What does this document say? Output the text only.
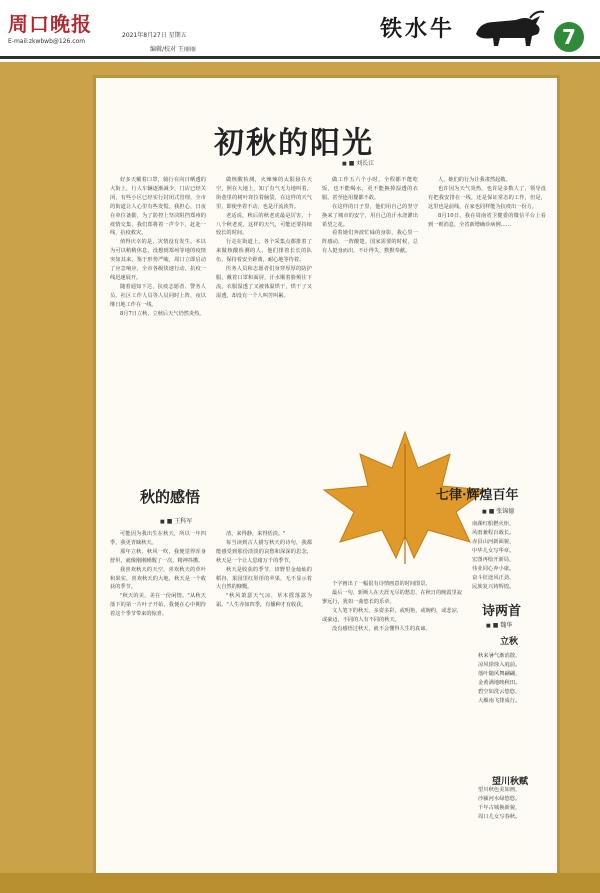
周口晚报
E-mail:zkwbwb@126.com
2021年8月27日 星期五
编辑/校对 王丽丽
铁水牛	7
初秋的阳光
■ ■ 刘长江

好多天戴着口罩，骑行在向日晒透的大街上，行人车辆逐渐减少，门店已经关闭，有些小区已经实行封闭式管理，全市的街道让人心里有些发慌。我担心，日夜在单位备勤，为了防控上坚决阻挡郑州的疫情交集，我们郑将着一声令下，赶赴一线，抗疫救灾。

值得庆幸的是，灾情没有发生。本以为可以稍稍休息，没想到郑州等地的疫情突如其来，鉴于形势严峻，周口立即启动了应急响应，全市各级快速行动，抗疫一线迅速展开。

随着通知下达，抗疫志愿者、警务人员、社区工作人员等人员同时上阵，夜以继日地工作在一线。

8月7日立秋，立秋后天气仍然炎热。

做核酸检测，火辣辣的太阳悬在天空，照在大地上，知了有气无力地叫着，街巷里的树叶耷拉着脑袋，在这样的天气里，即使坐着不动，也是汗流浃背。

老适说，秋后的秋老虎最是厉害，十八个秋老虎，这样的天气，可能还要持续较长的时间。

行走在街道上，各个采集点都排着了来做核酸检测的人，他们排着长长的队伍，保持着安全距离，耐心地等待着。

医务人员和志愿者们身穿厚厚的防护服，戴着口罩和面屏，汗水顺着脸颊往下流，衣服湿透了又被体温烘干，烘干了又湿透，却没有一个人叫苦叫累。

做工作五六个小时，全程都不能吃饭，也不能喝水，更不能换掉湿透的衣服，甚至连用餐都不敢。

在这样的日子里，他们用自己的坚守换来了城市的安宁，用自己的汗水浇灌出希望之花。

看着她们奔波忙碌的身影，我心里一阵感动，一阵酸楚。国家需要的时候，总有人挺身而出，不计得失，默默奉献。

人，她们的行为让我肃然起敬。

也许因为天气炎热，也许是多数人了，领导没有把我安排在一线，还是保证常态的工作，但是，这里也是前线，在家也同样能为抗疫出一份力。

8月10日，我在周南省卫健委的微信平台上看到一则消息，全省新增确诊病例……

秋的感悟
■ ■ 王科军

可能因为我出生在秋天，所以一年四季，我更青睐秋天。

那年立秋，秋风一吹，我便觉得浑身舒坦，就像刚刚睡醒了一次，精神抖擞。

我喜欢秋天的天空，喜欢秋天的草叶和果实，喜欢秋天的大地，秋天是一个收获的季节。

"秋天的美，美在一份闲情。"从秋天落下的第一片叶子开始，我便在心中期待着这个季节带来的惊喜。

清，来得静，来得恬淡。"

每当读到古人描写秋天的诗句，我都能感受到那份淡淡的哀愁和深深的思念，秋天是一个让人思绪万千的季节。

秋天是收获的季节，田野里金灿灿的稻谷，果园里红彤彤的苹果，无不显示着大自然的慷慨。

"秋风萧瑟天气凉，草木摇落露为霜。"人生亦如四季，有播种才有收获。

个字画出了一幅很有诗情画意的时间图景。

最后一句，斩断人在天涯无尽的愁思，在秋日的晚霞里寂寥远行，犹如一曲悠长的乐章。

文人笔下的秋天，多姿多彩，或明艳，或婉约，或悲凉，或豪迈，不同的人有不同的秋天。

没有感悟过秋天，就不会懂得人生的真谛。

七律·辉煌百年
■ ■ 张锦德

南湖红船燃火炬，

风雨兼程百载长。

赤县山河新面貌，

中华儿女写华章。

宏图再绘开新局，

伟业同心奔小康。

奋斗征途风正劲，

民族复兴铸辉煌。

诗两首
■ ■ 魏华
立秋

秋来暑气渐消散，

凉风徐徐入庭前。

落叶随风舞翩翩，

金黄满地映秋田。

碧空如洗云悠悠，

大雁南飞排成行。

望川秋赋

望川秋色美如画，

沙颍河水绿悠悠。

千年古城换新貌，

周口儿女写春秋。
